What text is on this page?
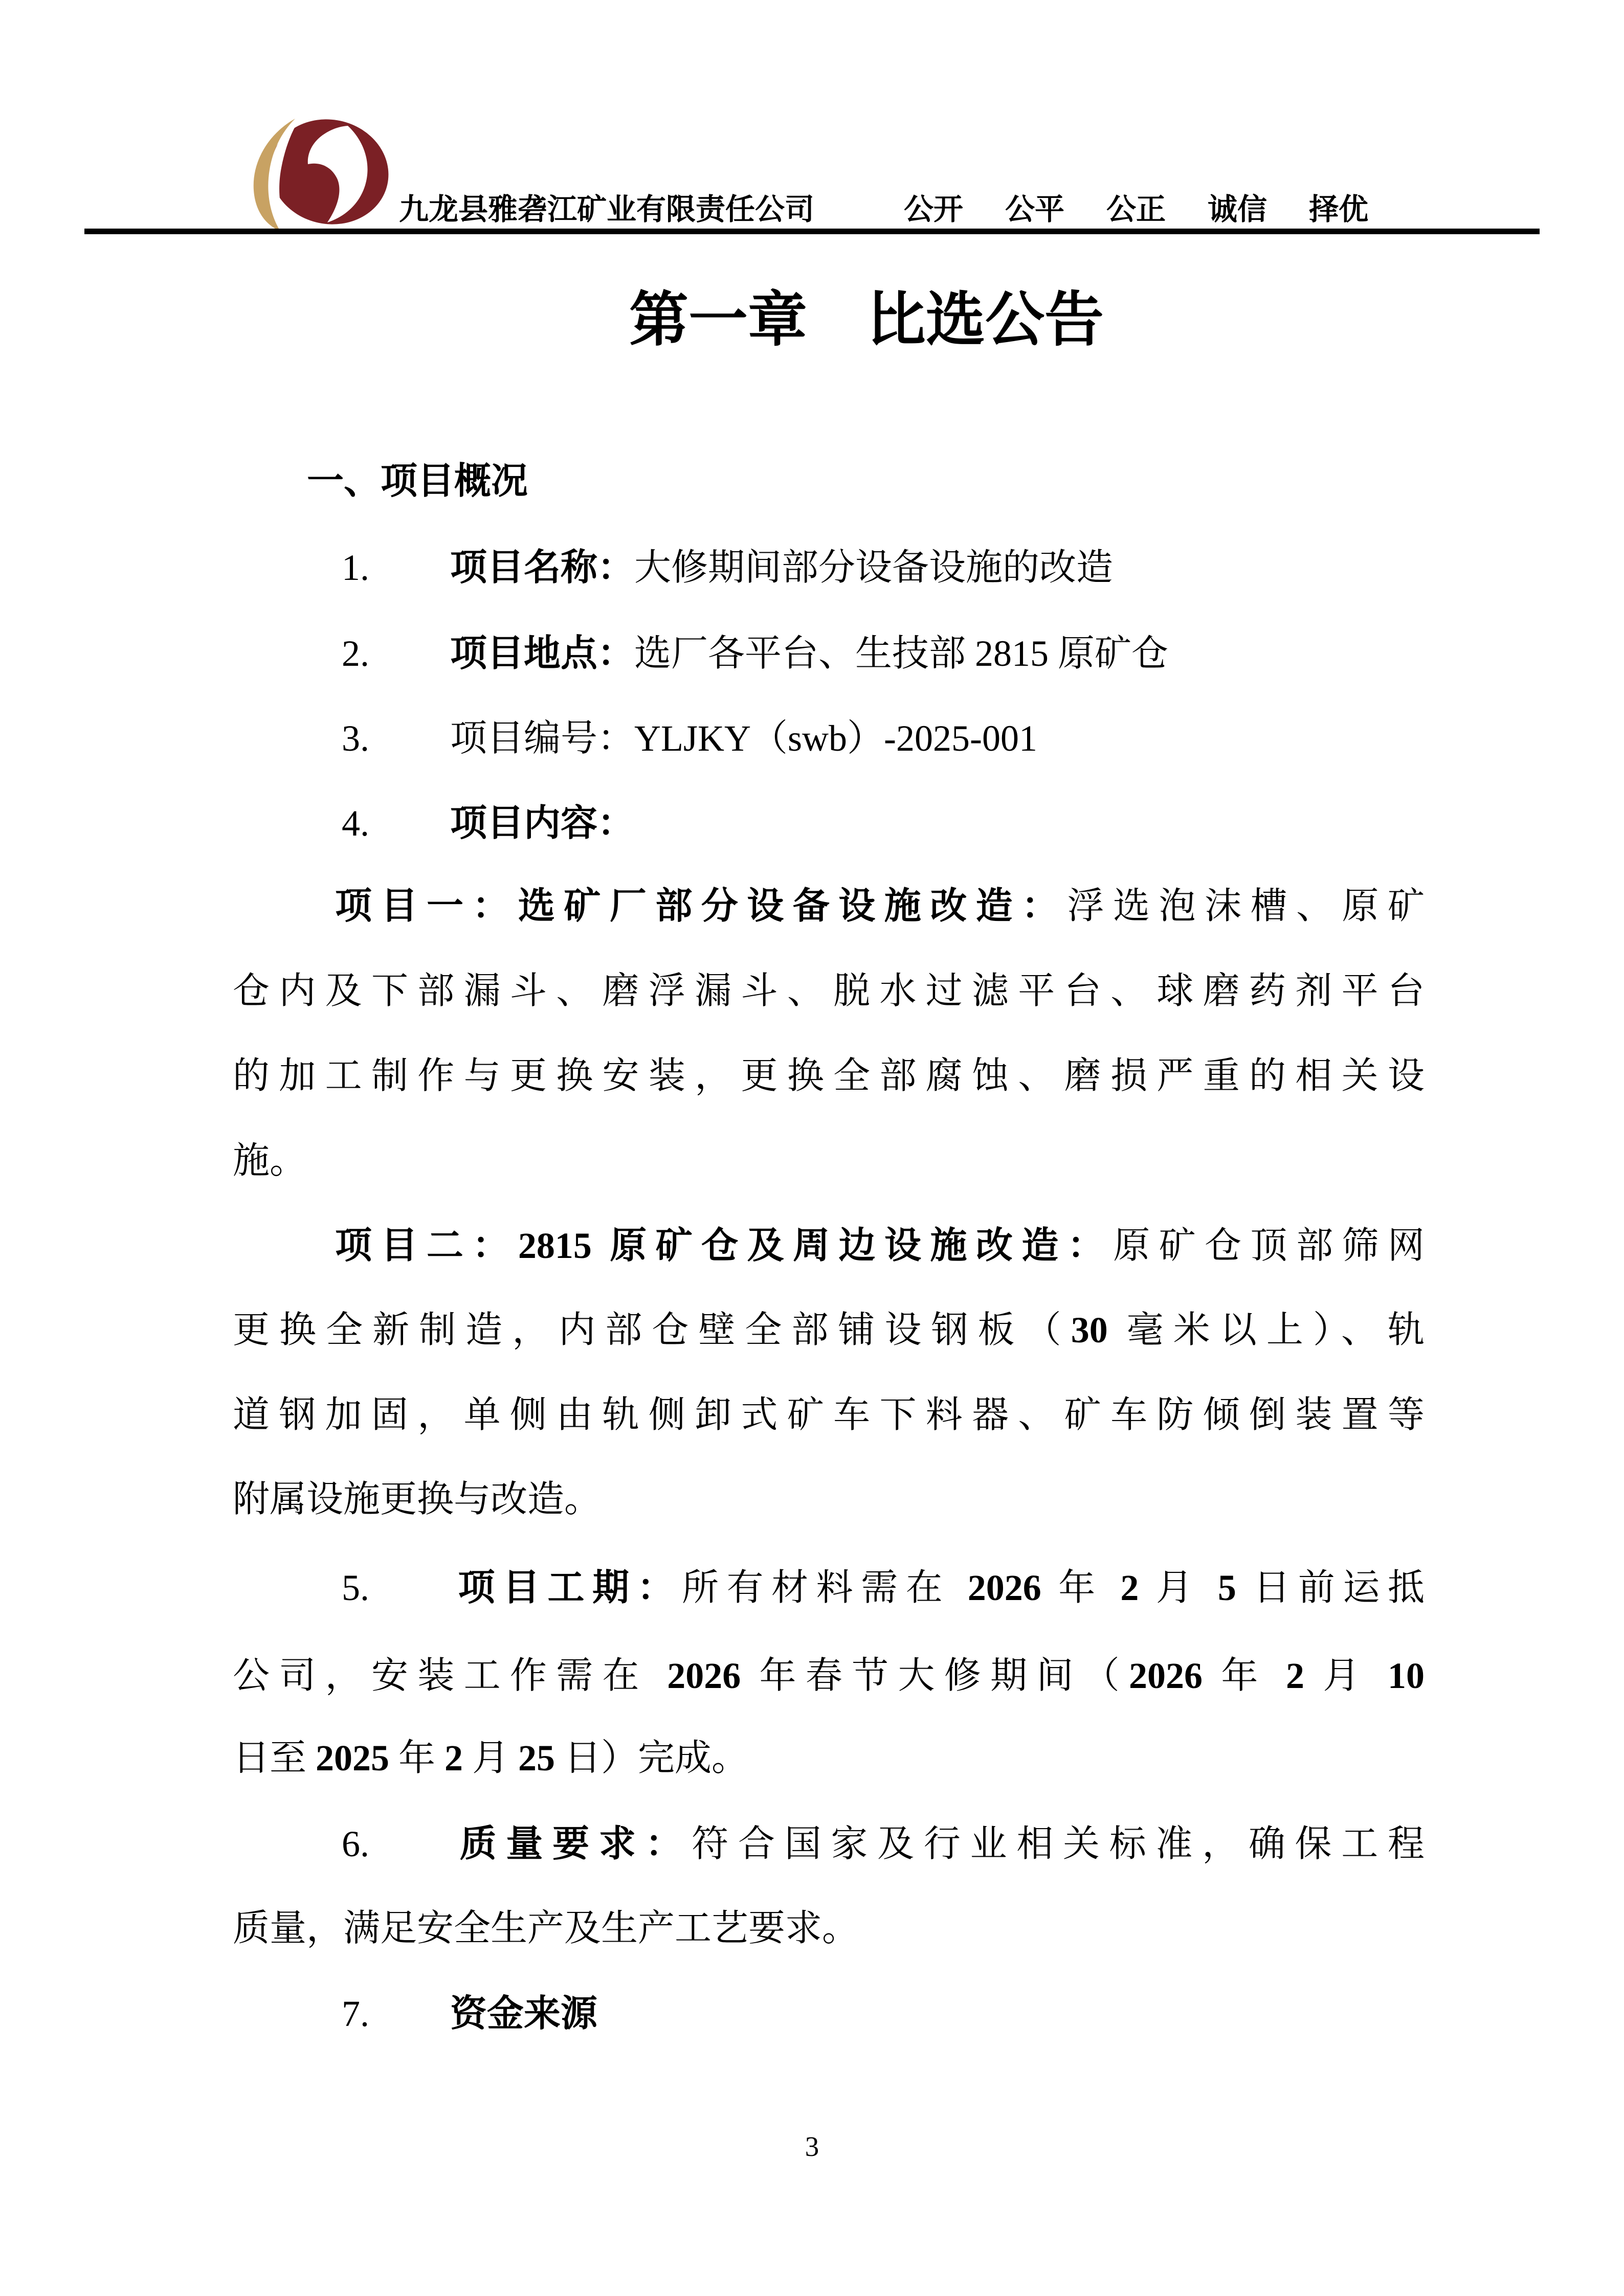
九龙县雅砻江矿业有限责任公司	公开 公平 公正 诚信 择优
第一章　比选公告
一、项目概况
1. 项目名称：大修期间部分设备设施的改造
2. 项目地点：选厂各平台、生技部 2815 原矿仓
3. 项目编号：YLJKY（swb）-2025-001
4. 项目内容：
项目一：选矿厂部分设备设施改造：浮选泡沫槽、原矿
仓内及下部漏斗、磨浮漏斗、脱水过滤平台、球磨药剂平台
的加工制作与更换安装，更换全部腐蚀、磨损严重的相关设
施。
项目二：2815 原矿仓及周边设施改造：原矿仓顶部筛网
更换全新制造，内部仓壁全部铺设钢板（30 毫米以上）、轨
道钢加固，单侧由轨侧卸式矿车下料器、矿车防倾倒装置等
附属设施更换与改造。
5. 项目工期：所有材料需在 2026 年 2 月 5 日前运抵
公司，安装工作需在 2026 年春节大修期间（2026 年 2 月 10
日至 2025 年 2 月 25 日）完成。
6. 质量要求：符合国家及行业相关标准，确保工程
质量，满足安全生产及生产工艺要求。
7. 资金来源
3
